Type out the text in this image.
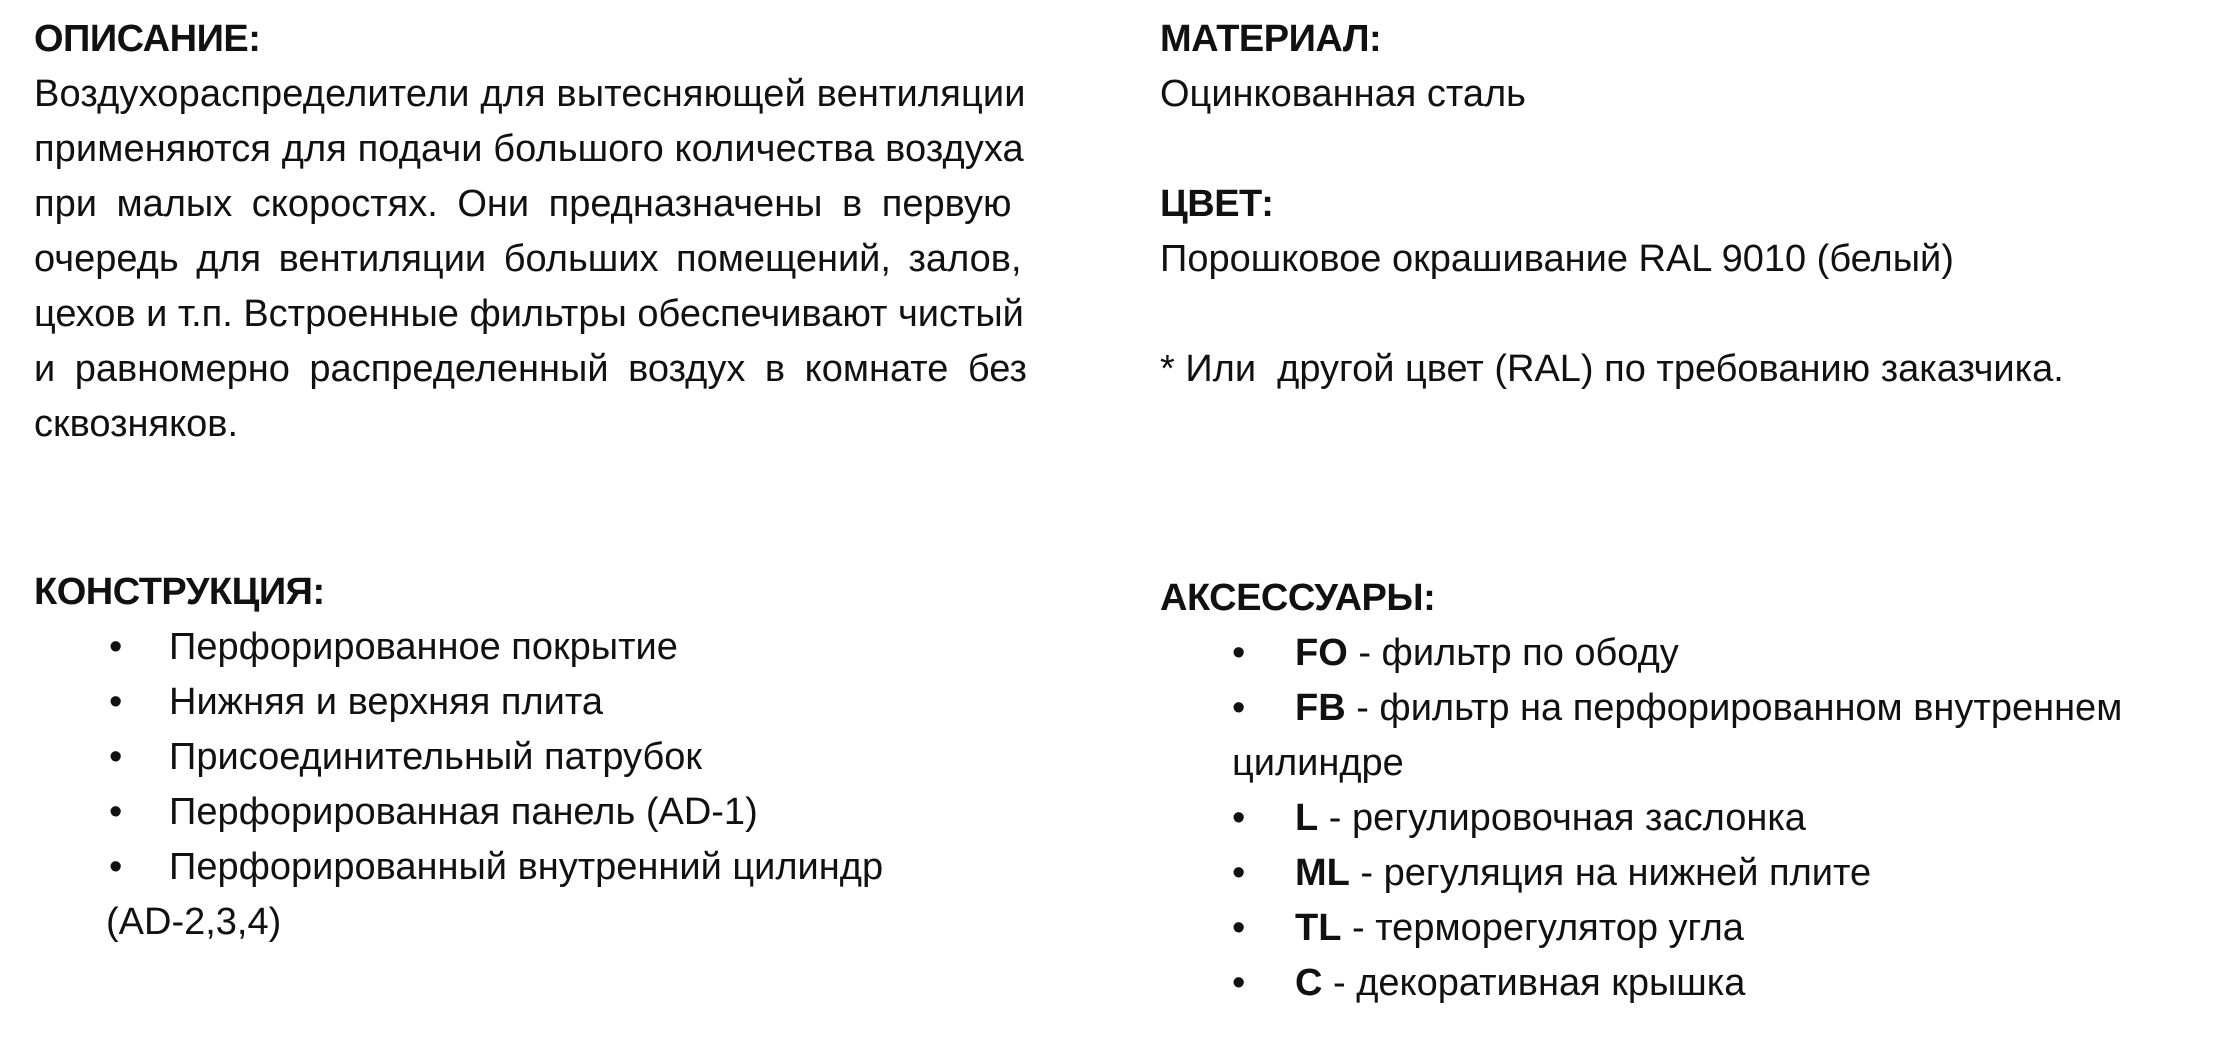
ОПИСАНИЕ:
Воздухораспределители для вытесняющей вентиляции
применяются для подачи большого количества воздуха
при малых скоростях. Они предназначены в первую
очередь для вентиляции больших помещений, залов,
цехов и т.п. Встроенные фильтры обеспечивают чистый
и равномерно распределенный воздух в комнате без
сквозняков.
МАТЕРИАЛ:
Оцинкованная сталь
ЦВЕТ:
Порошковое окрашивание RAL 9010 (белый)
* Или  другой цвет (RAL) по требованию заказчика.
КОНСТРУКЦИЯ:
• Перфорированное покрытие
• Нижняя и верхняя плита
• Присоединительный патрубок
• Перфорированная панель (AD-1)
• Перфорированный внутренний цилиндр
(AD-2,3,4)
АКСЕССУАРЫ:
• FO - фильтр по ободу
• FB - фильтр на перфорированном внутреннем
цилиндре
• L - регулировочная заслонка
• ML - регуляция на нижней плите
• TL - терморегулятор угла
• C - декоративная крышка
